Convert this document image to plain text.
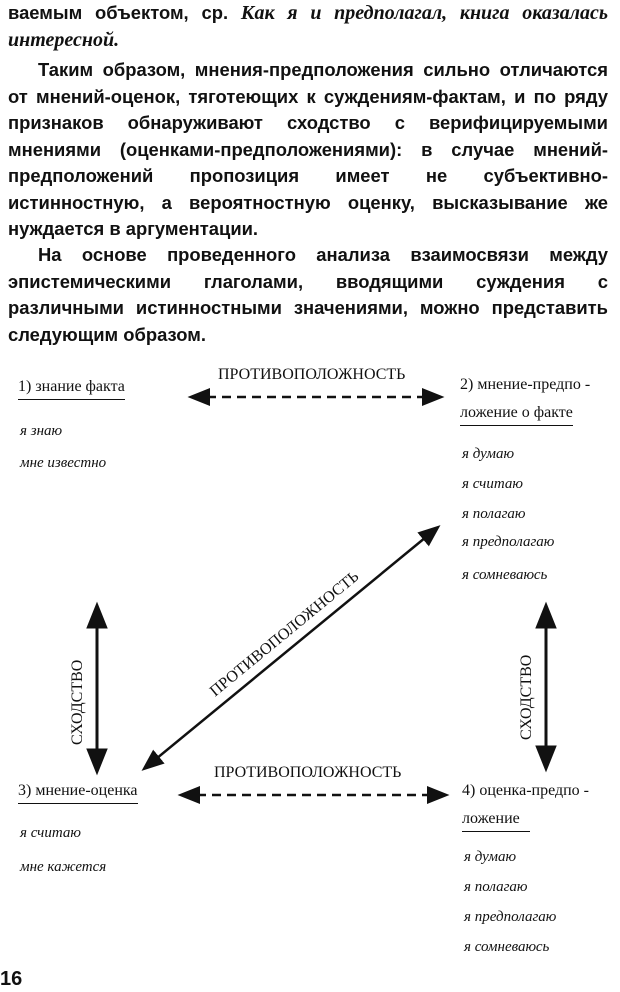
ваемым объектом, ср. Как я и предполагал, книга оказалась интересной.

Таким образом, мнения-предположения сильно отличаются от мнений-оценок, тяготеющих к суждениям-фактам, и по ряду признаков обнаруживают сходство с верифицируемыми мнениями (оценками-предположениями): в случае мнений-предположений пропозиция имеет не субъективно-истинностную, а вероятностную оценку, высказывание же нуждается в аргументации.

На основе проведенного анализа взаимосвязи между эпистемическими глаголами, вводящими суждения с различными истинностными значениями, можно представить следующим образом.

ПРОТИВОПОЛОЖНОСТЬ
ПРОТИВОПОЛОЖНОСТЬ
СХОДСТВО	СХОДСТВО
ПРОТИВОПОЛОЖНОСТЬ
1) знание факта
я знаю
мне известно
2) мнение-предпо -
ложение о факте
я думаю
я считаю
я полагаю
я предполагаю
я сомневаюсь
3) мнение-оценка
я считаю
мне кажется
4) оценка-предпо -
ложение
я думаю
я полагаю
я предполагаю
я сомневаюсь
16
